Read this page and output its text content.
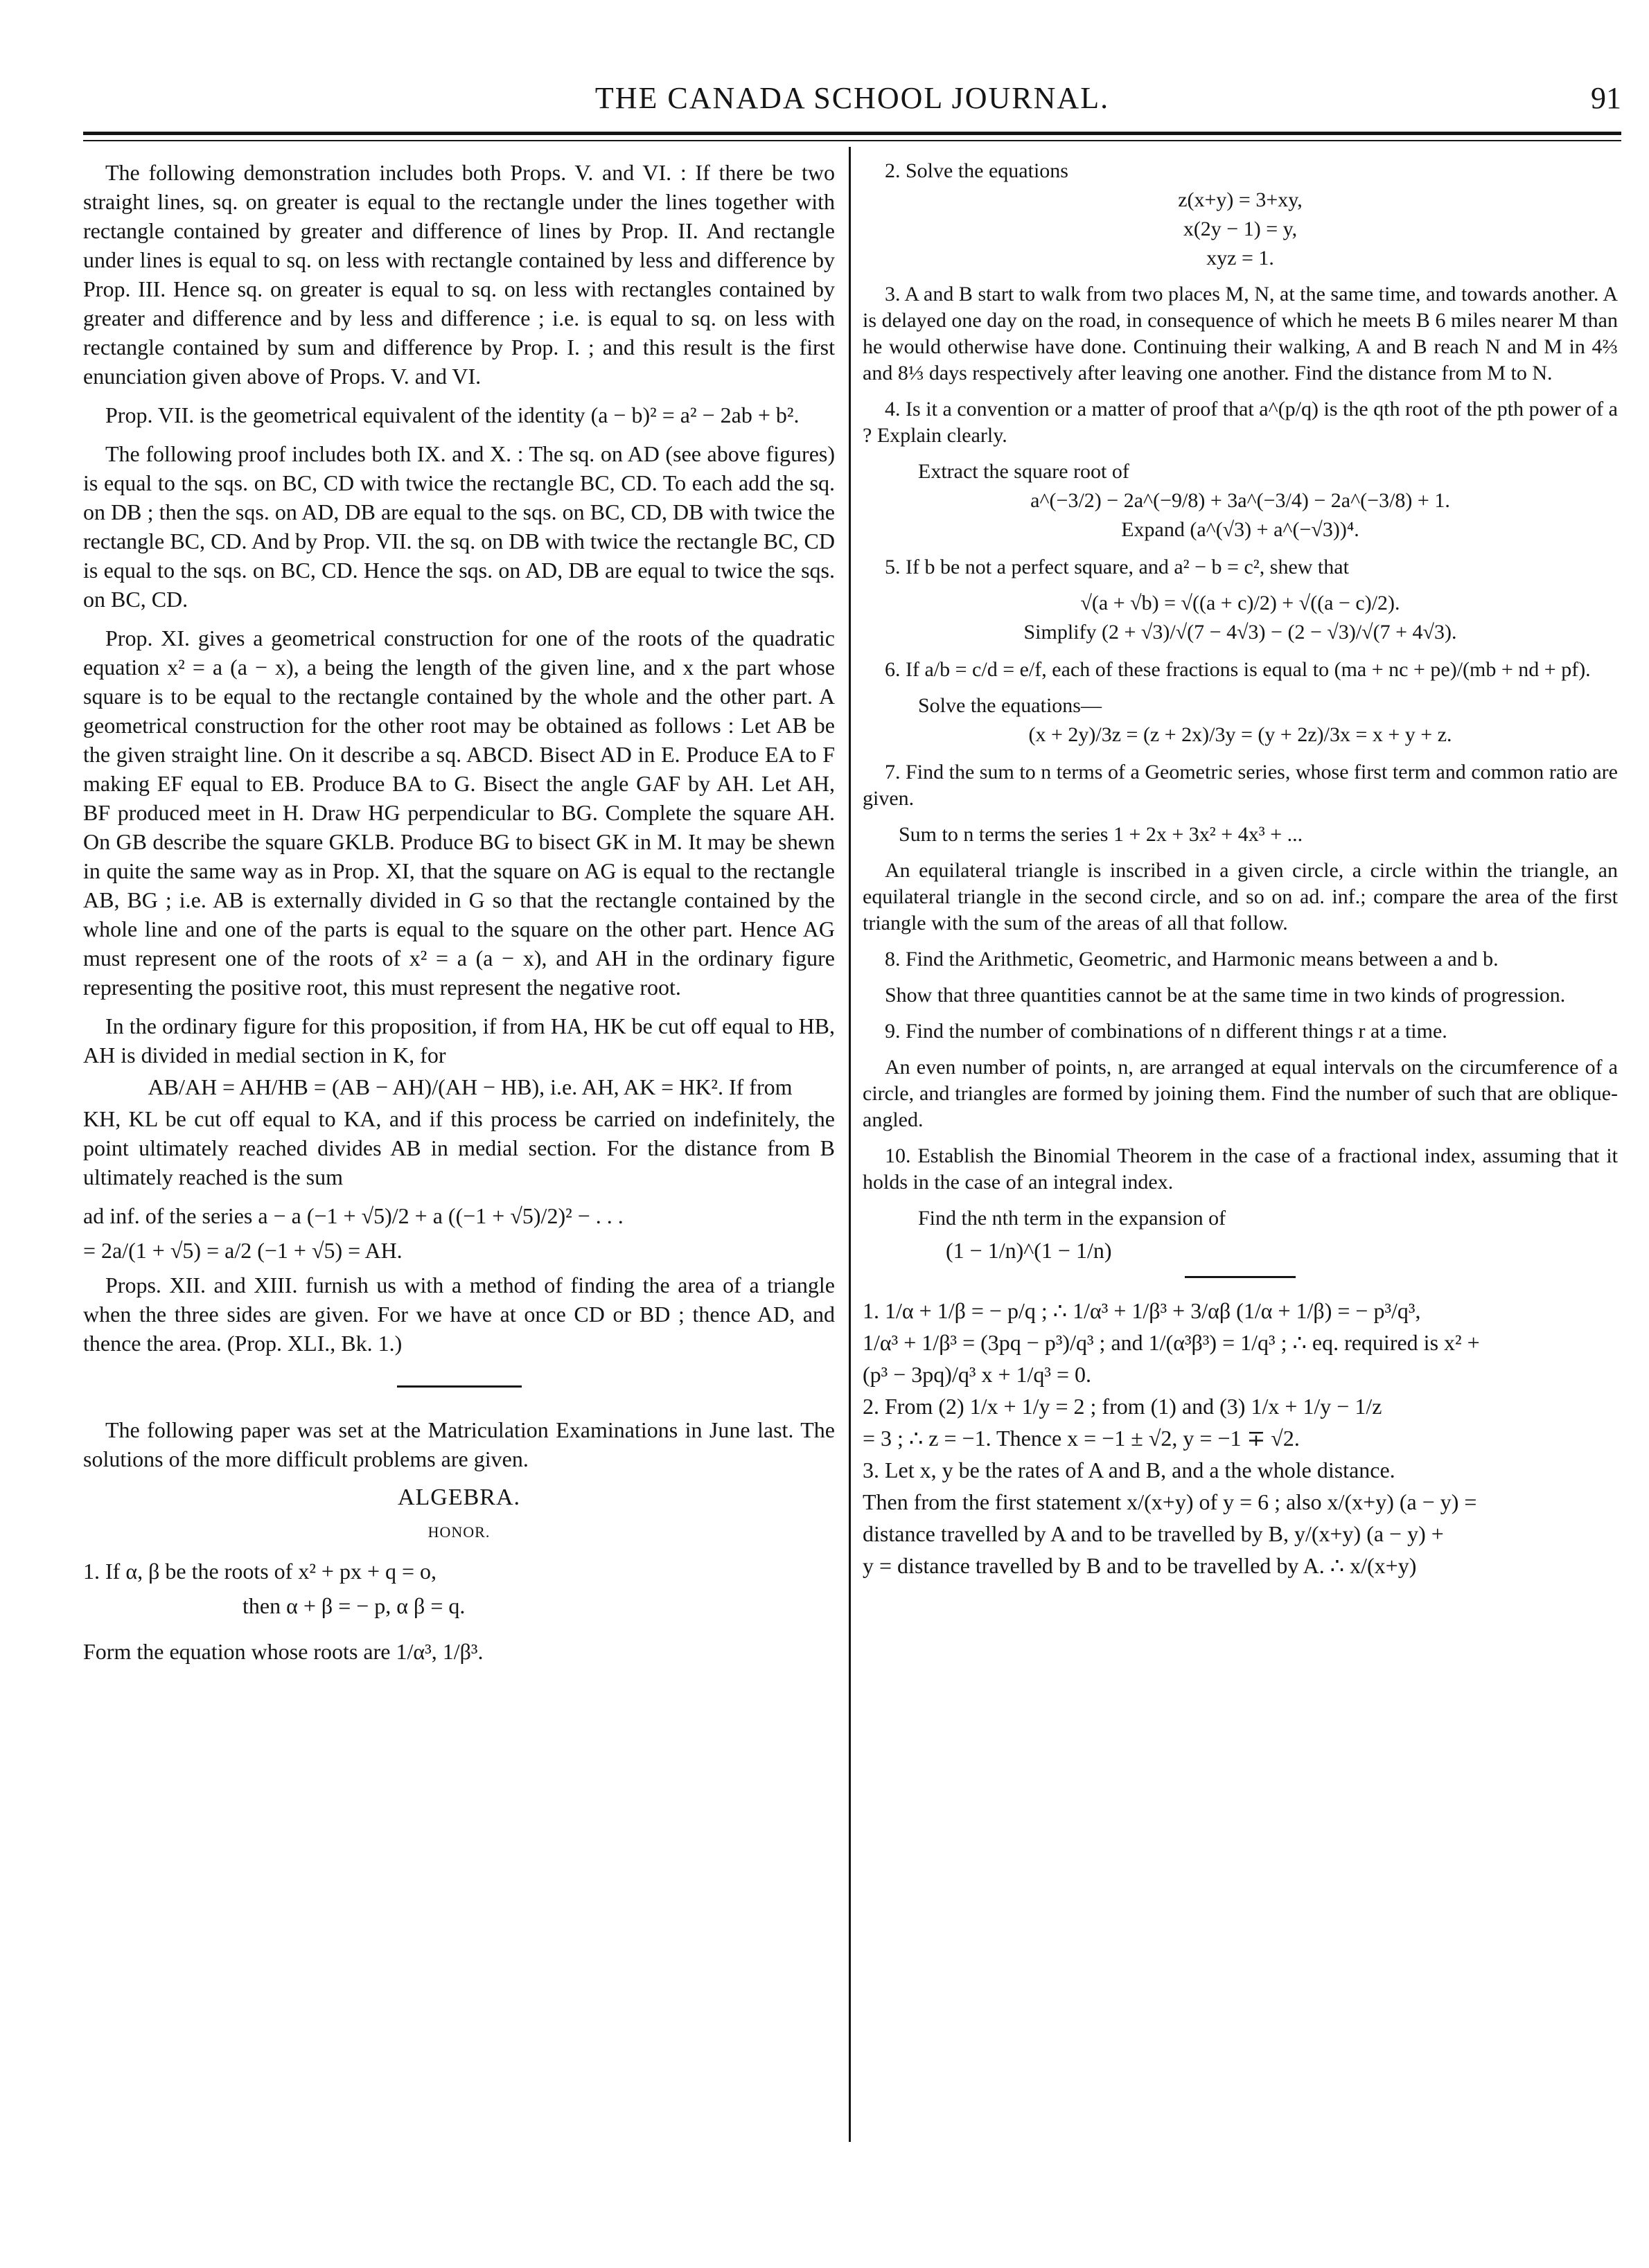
THE CANADA SCHOOL JOURNAL.	91

The following demonstration includes both Props. V. and VI. : If there be two straight lines, sq. on greater is equal to the rectangle under the lines together with rectangle contained by greater and difference of lines by Prop. II. And rectangle under lines is equal to sq. on less with rectangle contained by less and difference by Prop. III. Hence sq. on greater is equal to sq. on less with rectangles contained by greater and difference and by less and difference ; i.e. is equal to sq. on less with rectangle contained by sum and difference by Prop. I. ; and this result is the first enunciation given above of Props. V. and VI.

Prop. VII. is the geometrical equivalent of the identity (a − b)² = a² − 2ab + b².

The following proof includes both IX. and X. : The sq. on AD (see above figures) is equal to the sqs. on BC, CD with twice the rectangle BC, CD. To each add the sq. on DB ; then the sqs. on AD, DB are equal to the sqs. on BC, CD, DB with twice the rectangle BC, CD. And by Prop. VII. the sq. on DB with twice the rectangle BC, CD is equal to the sqs. on BC, CD. Hence the sqs. on AD, DB are equal to twice the sqs. on BC, CD.

Prop. XI. gives a geometrical construction for one of the roots of the quadratic equation x² = a (a − x), a being the length of the given line, and x the part whose square is to be equal to the rectangle contained by the whole and the other part. A geometrical construction for the other root may be obtained as follows : Let AB be the given straight line. On it describe a sq. ABCD. Bisect AD in E. Produce EA to F making EF equal to EB. Produce BA to G. Bisect the angle GAF by AH. Let AH, BF produced meet in H. Draw HG perpendicular to BG. Complete the square AH. On GB describe the square GKLB. Produce BG to bisect GK in M. It may be shewn in quite the same way as in Prop. XI, that the square on AG is equal to the rectangle AB, BG ; i.e. AB is externally divided in G so that the rectangle contained by the whole line and one of the parts is equal to the square on the other part. Hence AG must represent one of the roots of x² = a (a − x), and AH in the ordinary figure representing the positive root, this must represent the negative root.

In the ordinary figure for this proposition, if from HA, HK be cut off equal to HB, AH is divided in medial section in K, for
AB/AH = AH/HB = (AB − AH)/(AH − HB), i.e. AH, AK = HK². If from
KH, KL be cut off equal to KA, and if this process be carried on indefinitely, the point ultimately reached divides AB in medial section. For the distance from B ultimately reached is the sum

ad inf. of the series a − a (−1 + √5)/2 + a ((−1 + √5)/2)² − . . .
= 2a/(1 + √5) = a/2 (−1 + √5) = AH.

Props. XII. and XIII. furnish us with a method of finding the area of a triangle when the three sides are given. For we have at once CD or BD ; thence AD, and thence the area. (Prop. XLI., Bk. 1.)

The following paper was set at the Matriculation Examinations in June last. The solutions of the more difficult problems are given.

ALGEBRA.
HONOR.
1. If α, β be the roots of x² + px + q = o,
then α + β = − p, α β = q.
Form the equation whose roots are 1/α³, 1/β³.
2. Solve the equations
z(x+y) = 3+xy,
x(2y − 1) = y,
xyz = 1.

3. A and B start to walk from two places M, N, at the same time, and towards another. A is delayed one day on the road, in consequence of which he meets B 6 miles nearer M than he would otherwise have done. Continuing their walking, A and B reach N and M in 4⅔ and 8⅓ days respectively after leaving one another. Find the distance from M to N.

4. Is it a convention or a matter of proof that a^(p/q) is the qth root of the pth power of a ? Explain clearly.

Extract the square root of
a^(−3/2) − 2a^(−9/8) + 3a^(−3/4) − 2a^(−3/8) + 1.
Expand (a^(√3) + a^(−√3))⁴.

5. If b be not a perfect square, and a² − b = c², shew that

√(a + √b) = √((a + c)/2) + √((a − c)/2).
Simplify (2 + √3)/√(7 − 4√3) − (2 − √3)/√(7 + 4√3).

6. If a/b = c/d = e/f, each of these fractions is equal to (ma + nc + pe)/(mb + nd + pf).

Solve the equations—
(x + 2y)/3z = (z + 2x)/3y = (y + 2z)/3x = x + y + z.

7. Find the sum to n terms of a Geometric series, whose first term and common ratio are given.

Sum to n terms the series 1 + 2x + 3x² + 4x³ + ...

An equilateral triangle is inscribed in a given circle, a circle within the triangle, an equilateral triangle in the second circle, and so on ad. inf.; compare the area of the first triangle with the sum of the areas of all that follow.

8. Find the Arithmetic, Geometric, and Harmonic means between a and b.

Show that three quantities cannot be at the same time in two kinds of progression.

9. Find the number of combinations of n different things r at a time.

An even number of points, n, are arranged at equal intervals on the circumference of a circle, and triangles are formed by joining them. Find the number of such that are oblique-angled.

10. Establish the Binomial Theorem in the case of a fractional index, assuming that it holds in the case of an integral index.

Find the nth term in the expansion of
(1 − 1/n)^(1 − 1/n)
1. 1/α + 1/β = − p/q ; ∴ 1/α³ + 1/β³ + 3/αβ (1/α + 1/β) = − p³/q³,
1/α³ + 1/β³ = (3pq − p³)/q³ ; and 1/(α³β³) = 1/q³ ; ∴ eq. required is x² +
(p³ − 3pq)/q³ x + 1/q³ = 0.
2. From (2) 1/x + 1/y = 2 ; from (1) and (3) 1/x + 1/y − 1/z
= 3 ; ∴ z = −1. Thence x = −1 ± √2, y = −1 ∓ √2.
3. Let x, y be the rates of A and B, and a the whole distance.
Then from the first statement x/(x+y) of y = 6 ; also x/(x+y) (a − y) =
distance travelled by A and to be travelled by B, y/(x+y) (a − y) +
y = distance travelled by B and to be travelled by A. ∴ x/(x+y)
